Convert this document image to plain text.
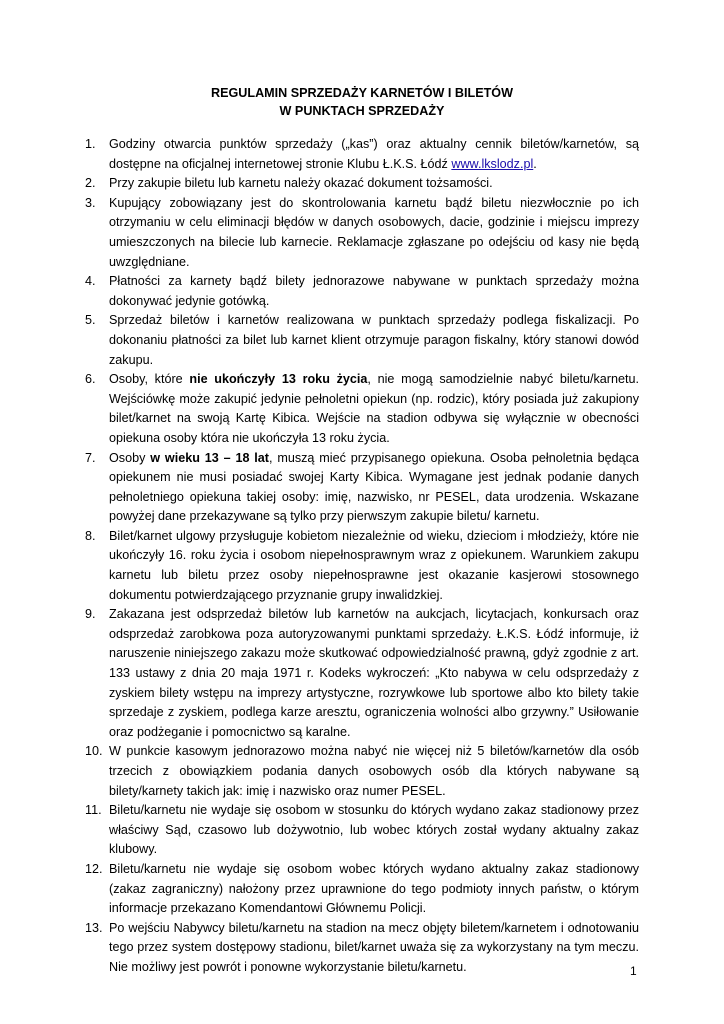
REGULAMIN SPRZEDAŻY KARNETÓW I BILETÓW
W PUNKTACH SPRZEDAŻY
1.	Godziny otwarcia punktów sprzedaży („kas”) oraz aktualny cennik biletów/karnetów, są dostępne na oficjalnej internetowej stronie Klubu Ł.K.S. Łódź www.lkslodz.pl.
2.	Przy zakupie biletu lub karnetu należy okazać dokument tożsamości.
3.	Kupujący zobowiązany jest do skontrolowania karnetu bądź biletu niezwłocznie po ich otrzymaniu w celu eliminacji błędów w danych osobowych, dacie, godzinie i miejscu imprezy umieszczonych na bilecie lub karnecie. Reklamacje zgłaszane po odejściu od kasy nie będą uwzględniane.
4.	Płatności za karnety bądź bilety jednorazowe nabywane w punktach sprzedaży można dokonywać jedynie gotówką.
5.	Sprzedaż biletów i karnetów realizowana w punktach sprzedaży podlega fiskalizacji. Po dokonaniu płatności za bilet lub karnet klient otrzymuje paragon fiskalny, który stanowi dowód zakupu.
6.	Osoby, które nie ukończyły 13 roku życia, nie mogą samodzielnie nabyć biletu/karnetu. Wejściówkę może zakupić jedynie pełnoletni opiekun (np. rodzic), który posiada już zakupiony bilet/karnet na swoją Kartę Kibica. Wejście na stadion odbywa się wyłącznie w obecności opiekuna osoby która nie ukończyła 13 roku życia.
7.	Osoby w wieku 13 – 18 lat, muszą mieć przypisanego opiekuna. Osoba pełnoletnia będąca opiekunem nie musi posiadać swojej Karty Kibica. Wymagane jest jednak podanie danych pełnoletniego opiekuna takiej osoby: imię, nazwisko, nr PESEL, data urodzenia. Wskazane powyżej dane przekazywane są tylko przy pierwszym zakupie biletu/ karnetu.
8.	Bilet/karnet ulgowy przysługuje kobietom niezależnie od wieku, dzieciom i młodzieży, które nie ukończyły 16. roku życia i osobom niepełnosprawnym wraz z opiekunem. Warunkiem zakupu karnetu lub biletu przez osoby niepełnosprawne jest okazanie kasjerowi stosownego dokumentu potwierdzającego przyznanie grupy inwalidzkiej.
9.	Zakazana jest odsprzedaż biletów lub karnetów na aukcjach, licytacjach, konkursach oraz odsprzedaż zarobkowa poza autoryzowanymi punktami sprzedaży. Ł.K.S. Łódź informuje, iż naruszenie niniejszego zakazu może skutkować odpowiedzialność prawną, gdyż zgodnie z art. 133 ustawy z dnia 20 maja 1971 r. Kodeks wykroczeń: „Kto nabywa w celu odsprzedaży z zyskiem bilety wstępu na imprezy artystyczne, rozrywkowe lub sportowe albo kto bilety takie sprzedaje z zyskiem, podlega karze aresztu, ograniczenia wolności albo grzywny.” Usiłowanie oraz podżeganie i pomocnictwo są karalne.
10. W punkcie kasowym jednorazowo można nabyć nie więcej niż 5 biletów/karnetów dla osób trzecich z obowiązkiem podania danych osobowych osób dla których nabywane są bilety/karnety takich jak: imię i nazwisko oraz numer PESEL.
11. Biletu/karnetu nie wydaje się osobom w stosunku do których wydano zakaz stadionowy przez właściwy Sąd, czasowo lub dożywotnio, lub wobec których został wydany aktualny zakaz klubowy.
12. Biletu/karnetu nie wydaje się osobom wobec których wydano aktualny zakaz stadionowy (zakaz zagraniczny) nałożony przez uprawnione do tego podmioty innych państw, o którym informacje przekazano Komendantowi Głównemu Policji.
13. Po wejściu Nabywcy biletu/karnetu na stadion na mecz objęty biletem/karnetem i odnotowaniu tego przez system dostępowy stadionu, bilet/karnet uważa się za wykorzystany na tym meczu. Nie możliwy jest powrót i ponowne wykorzystanie biletu/karnetu.	1
